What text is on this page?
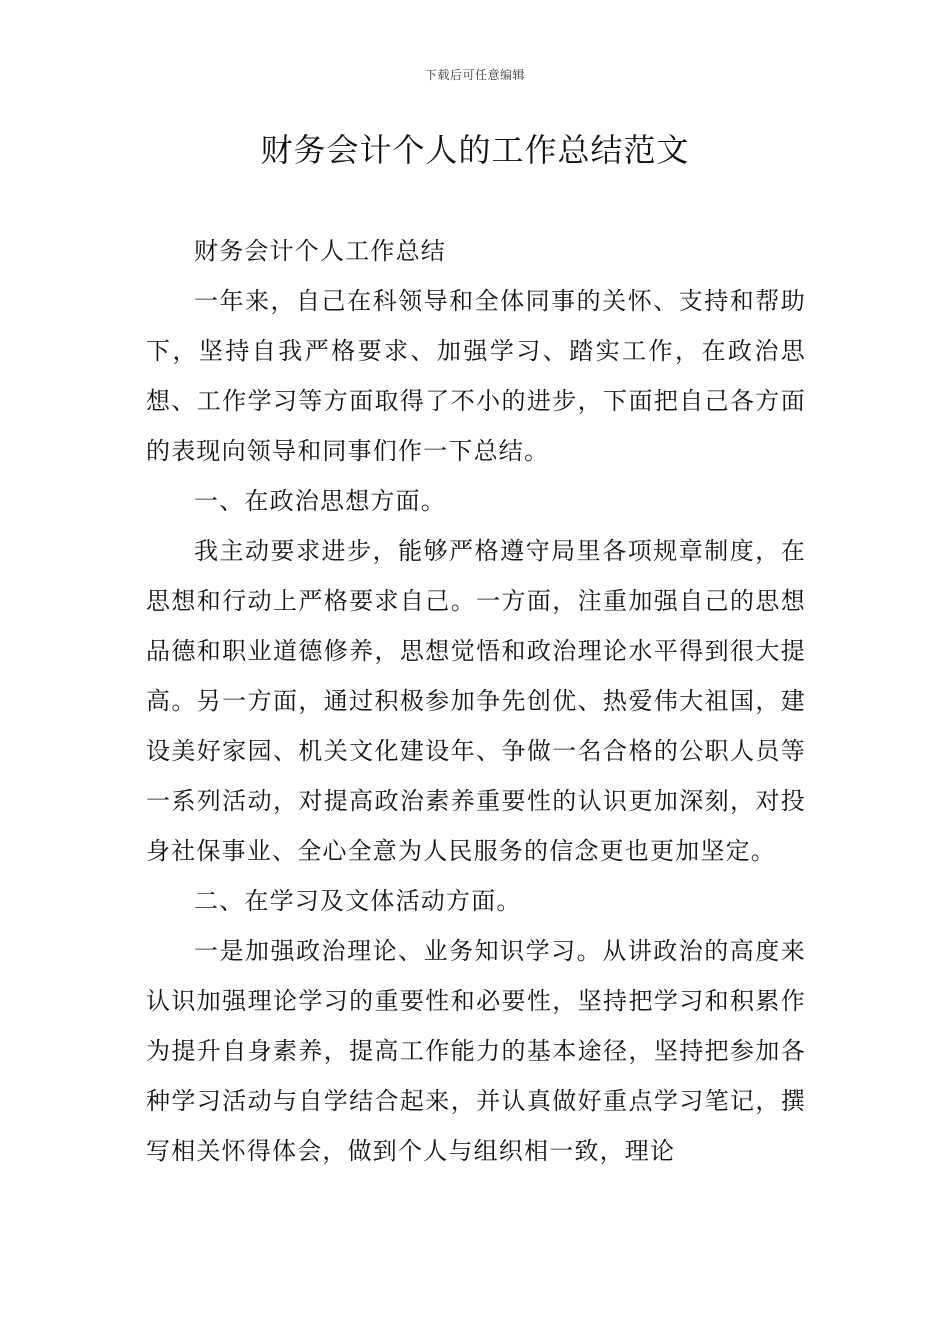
下载后可任意编辑
财务会计个人的工作总结范文

财务会计个人工作总结

一年来，自己在科领导和全体同事的关怀、支持和帮助下，坚持自我严格要求、加强学习、踏实工作，在政治思想、工作学习等方面取得了不小的进步，下面把自己各方面的表现向领导和同事们作一下总结。

一、在政治思想方面。

我主动要求进步，能够严格遵守局里各项规章制度，在思想和行动上严格要求自己。一方面，注重加强自己的思想品德和职业道德修养，思想觉悟和政治理论水平得到很大提高。另一方面，通过积极参加争先创优、热爱伟大祖国，建设美好家园、机关文化建设年、争做一名合格的公职人员等一系列活动，对提高政治素养重要性的认识更加深刻，对投身社保事业、全心全意为人民服务的信念更也更加坚定。

二、在学习及文体活动方面。

一是加强政治理论、业务知识学习。从讲政治的高度来认识加强理论学习的重要性和必要性，坚持把学习和积累作为提升自身素养，提高工作能力的基本途径，坚持把参加各种学习活动与自学结合起来，并认真做好重点学习笔记，撰写相关怀得体会，做到个人与组织相一致，理论
